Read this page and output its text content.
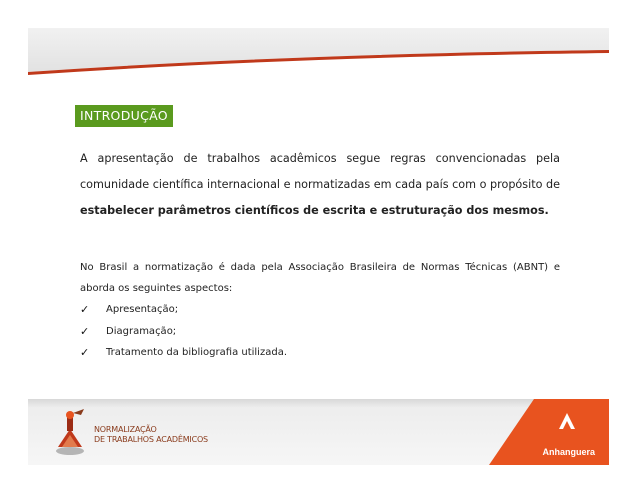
INTRODUÇÃO
A apresentação de trabalhos acadêmicos segue regras convencionadas pela comunidade científica internacional e normatizadas em cada país com o propósito de estabelecer parâmetros científicos de escrita e estruturação dos mesmos.
No Brasil a normatização é dada pela Associação Brasileira de Normas Técnicas (ABNT) e aborda os seguintes aspectos:
✓	Apresentação;
✓	Diagramação;
✓	Tratamento da bibliografia utilizada.
NORMALIZAÇÃO
DE TRABALHOS ACADÊMICOS
Anhanguera
